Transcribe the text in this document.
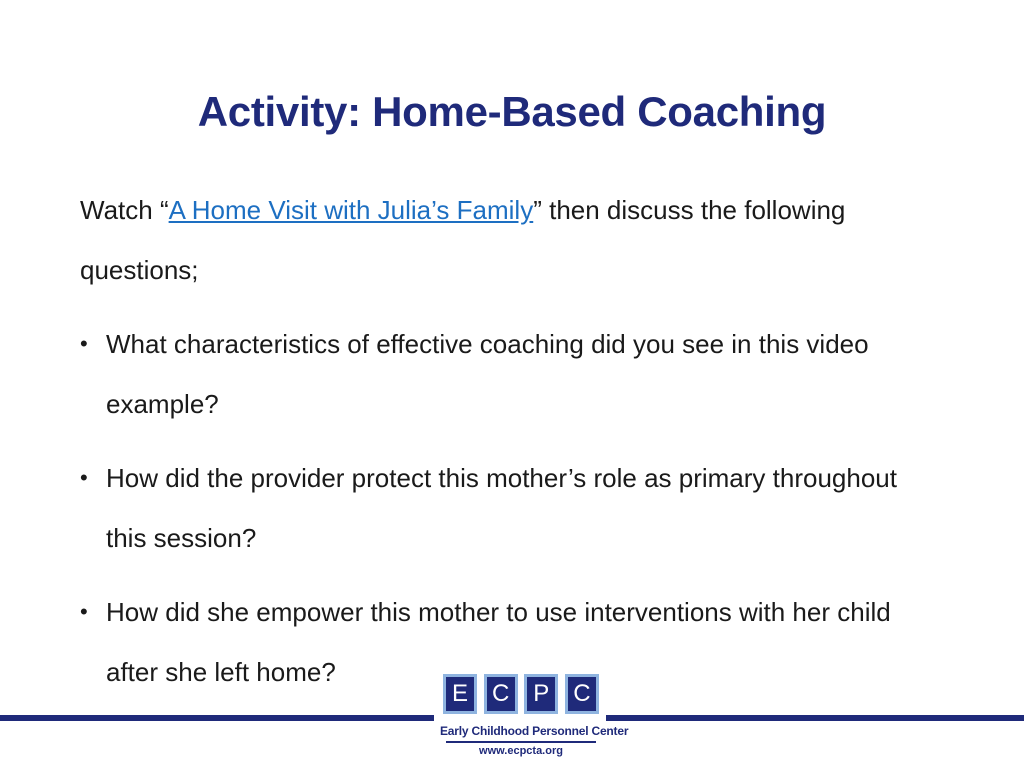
Activity: Home-Based Coaching
Watch “A Home Visit with Julia’s Family” then discuss the following questions;
• What characteristics of effective coaching did you see in this video example?
• How did the provider protect this mother’s role as primary throughout this session?
• How did she empower this mother to use interventions with her child after she left home?
E C P C
Early Childhood Personnel Center
www.ecpcta.org
